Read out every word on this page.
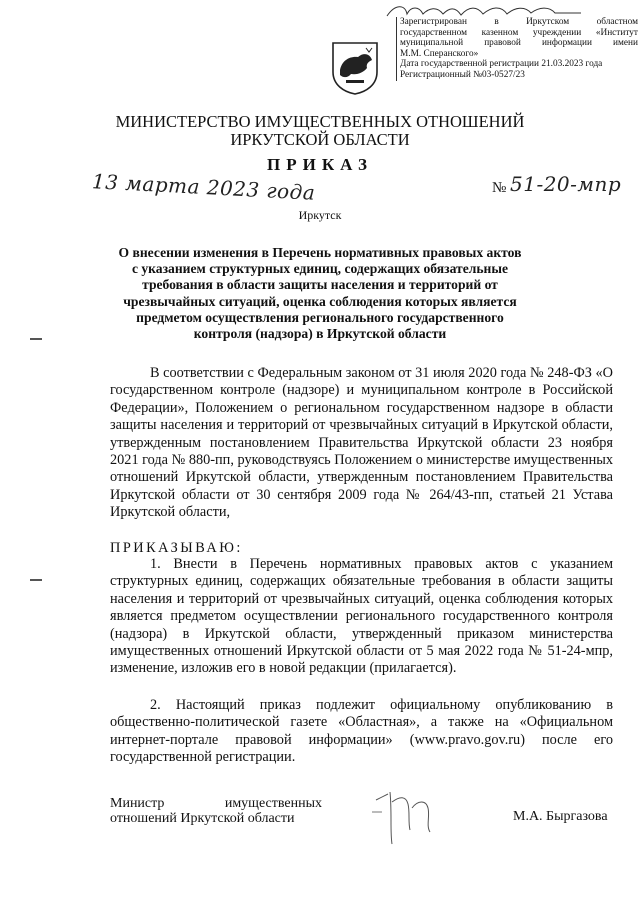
Зарегистрирован	в	Иркутском областном
государственном казенном учреждении «Институт
муниципальной правовой информации имени
М.М. Сперанского»
Дата государственной регистрации 21.03.2023 года
Регистрационный №03-0527/23
МИНИСТЕРСТВО ИМУЩЕСТВЕННЫХ ОТНОШЕНИЙ
ИРКУТСКОЙ ОБЛАСТИ
ПРИКАЗ
13 марта 2023 года	№ 51-20-мпр
Иркутск
О внесении изменения в Перечень нормативных правовых актов с указанием структурных единиц, содержащих обязательные требования в области защиты населения и территорий от чрезвычайных ситуаций, оценка соблюдения которых является предметом осуществления регионального государственного контроля (надзора) в Иркутской области
В соответствии с Федеральным законом от 31 июля 2020 года № 248-ФЗ «О государственном контроле (надзоре) и муниципальном контроле в Российской Федерации», Положением о региональном государственном надзоре в области защиты населения и территорий от чрезвычайных ситуаций в Иркутской области, утвержденным постановлением Правительства Иркутской области 23 ноября 2021 года № 880-пп, руководствуясь Положением о министерстве имущественных отношений Иркутской области, утвержденным постановлением Правительства Иркутской области от 30 сентября 2009 года № 264/43-пп, статьей 21 Устава Иркутской области,
ПРИКАЗЫВАЮ:
1. Внести в Перечень нормативных правовых актов с указанием структурных единиц, содержащих обязательные требования в области защиты населения и территорий от чрезвычайных ситуаций, оценка соблюдения которых является предметом осуществлении регионального государственного контроля (надзора) в Иркутской области, утвержденный приказом министерства имущественных отношений Иркутской области от 5 мая 2022 года № 51-24-мпр, изменение, изложив его в новой редакции (прилагается).
2. Настоящий приказ подлежит официальному опубликованию в общественно-политической газете «Областная», а также на «Официальном интернет-портале правовой информации» (www.pravo.gov.ru) после его государственной регистрации.
Министр имущественных
отношений Иркутской области	М.А. Быргазова
